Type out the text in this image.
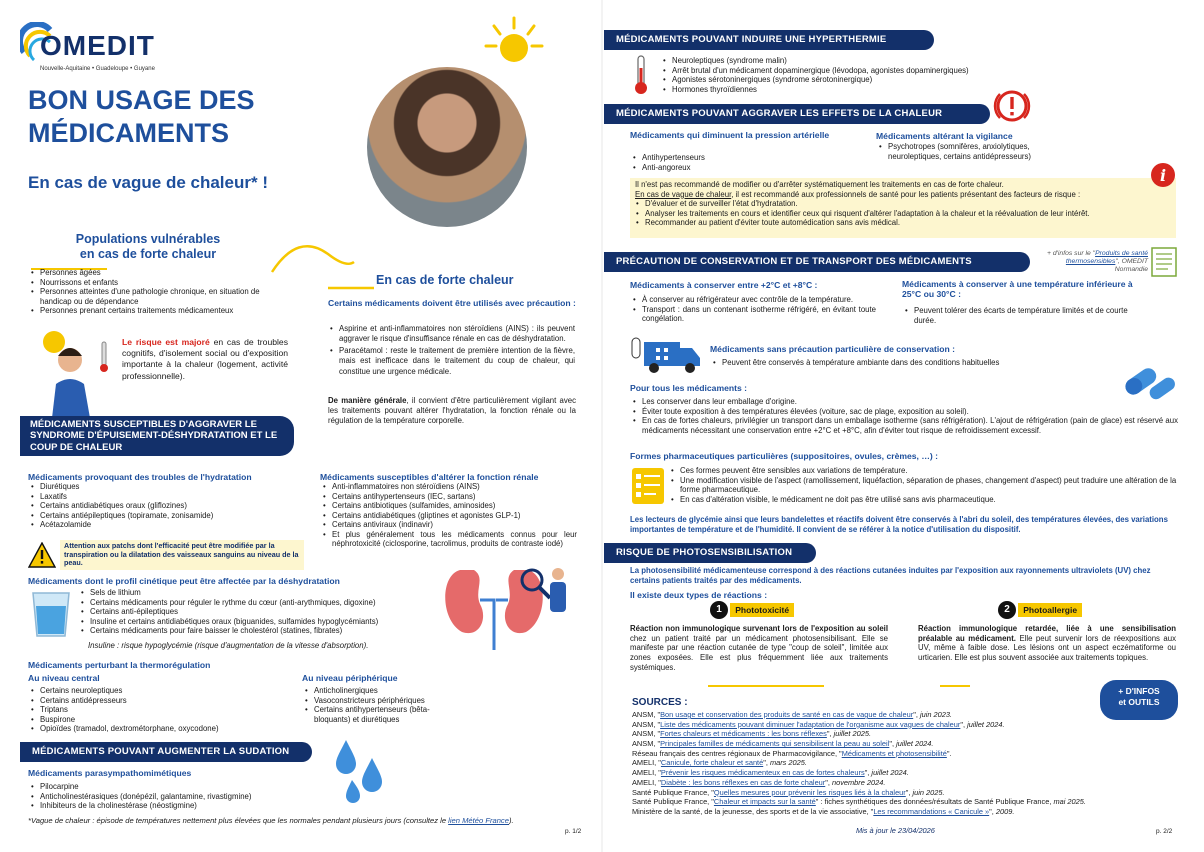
OMEDIT
Nouvelle-Aquitaine • Guadeloupe • Guyane
BON USAGE DES
MÉDICAMENTS
En cas de vague de chaleur* !
Populations vulnérables
en cas de forte chaleur
• Personnes âgées
• Nourrissons et enfants
• Personnes atteintes d'une pathologie chronique, en situation de handicap ou de dépendance
• Personnes prenant certains traitements médicamenteux
Le risque est majoré en cas de troubles cognitifs, d'isolement social ou d'exposition importante à la chaleur (logement, activité professionnelle).
En cas de forte chaleur
Certains médicaments doivent être utilisés avec précaution :
• Aspirine et anti-inflammatoires non stéroïdiens (AINS) : ils peuvent aggraver le risque d'insuffisance rénale en cas de déshydratation.
• Paracétamol : reste le traitement de première intention de la fièvre, mais est inefficace dans le traitement du coup de chaleur, qui constitue une urgence médicale.
De manière générale, il convient d'être particulièrement vigilant avec les traitements pouvant altérer l'hydratation, la fonction rénale ou la régulation de la température corporelle.
MÉDICAMENTS SUSCEPTIBLES D'AGGRAVER LE SYNDROME D'ÉPUISEMENT-DÉSHYDRATATION ET LE COUP DE CHALEUR
Médicaments provoquant des troubles de l'hydratation
• Diurétiques
• Laxatifs
• Certains antidiabétiques oraux (gliflozines)
• Certains antiépileptiques (topiramate, zonisamide)
• Acétazolamide
Médicaments susceptibles d'altérer la fonction rénale
• Anti-inflammatoires non stéroïdiens (AINS)
• Certains antihypertenseurs (IEC, sartans)
• Certains antibiotiques (sulfamides, aminosides)
• Certains antidiabétiques (gliptines et agonistes GLP-1)
• Certains antiviraux (indinavir)
• Et plus généralement tous les médicaments connus pour leur néphrotoxicité (ciclosporine, tacrolimus, produits de contraste iodé)
Attention aux patchs dont l'efficacité peut être modifiée par la transpiration ou la dilatation des vaisseaux sanguins au niveau de la peau.
Médicaments dont le profil cinétique peut être affectée par la déshydratation
• Sels de lithium
• Certains médicaments pour réguler le rythme du cœur (anti-arythmiques, digoxine)
• Certains anti-épileptiques
• Insuline et certains antidiabétiques oraux (biguanides, sulfamides hypoglycémiants)
• Certains médicaments pour faire baisser le cholestérol (statines, fibrates)
Insuline : risque hypoglycémie (risque d'augmentation de la vitesse d'absorption).
Médicaments perturbant la thermorégulation
Au niveau central
• Certains neuroleptiques
• Certains antidépresseurs
• Triptans
• Buspirone
• Opioïdes (tramadol, dextrométorphane, oxycodone)
Au niveau périphérique
• Anticholinergiques
• Vasoconstricteurs périphériques
• Certains antihypertenseurs (bêta-bloquants) et diurétiques
MÉDICAMENTS POUVANT AUGMENTER LA SUDATION
Médicaments parasympathomimétiques
• Pilocarpine
• Anticholinestérasiques (donépézil, galantamine, rivastigmine)
• Inhibiteurs de la cholinestérase (néostigmine)
*Vague de chaleur : épisode de températures nettement plus élevées que les normales pendant plusieurs jours (consultez le lien Météo France).
p. 1/2
MÉDICAMENTS POUVANT INDUIRE UNE HYPERTHERMIE
• Neuroleptiques (syndrome malin)
• Arrêt brutal d'un médicament dopaminergique (lévodopa, agonistes dopaminergiques)
• Agonistes sérotoninergiques (syndrome sérotoninergique)
• Hormones thyroïdiennes
MÉDICAMENTS POUVANT AGGRAVER LES EFFETS DE LA CHALEUR
Médicaments qui diminuent la pression artérielle
• Antihypertenseurs
• Anti-angoreux
Médicaments altérant la vigilance
• Psychotropes (somnifères, anxiolytiques, neuroleptiques, certains antidépresseurs)
Il n'est pas recommandé de modifier ou d'arrêter systématiquement les traitements en cas de forte chaleur.
En cas de vague de chaleur, il est recommandé aux professionnels de santé pour les patients présentant des facteurs de risque :
• D'évaluer et de surveiller l'état d'hydratation.
• Analyser les traitements en cours et identifier ceux qui risquent d'altérer l'adaptation à la chaleur et la réévaluation de leur intérêt.
• Recommander au patient d'éviter toute automédication sans avis médical.
i
PRÉCAUTION DE CONSERVATION ET DE TRANSPORT DES MÉDICAMENTS
+ d'infos sur le "Produits de santé thermosensibles", OMEDIT Normandie
Médicaments à conserver entre +2°C et +8°C :
• À conserver au réfrigérateur avec contrôle de la température.
• Transport : dans un contenant isotherme réfrigéré, en évitant toute congélation.
Médicaments à conserver à une température inférieure à 25°C ou 30°C :
• Peuvent tolérer des écarts de température limités et de courte durée.
Médicaments sans précaution particulière de conservation :
• Peuvent être conservés à température ambiante dans des conditions habituelles
Pour tous les médicaments :
• Les conserver dans leur emballage d'origine.
• Éviter toute exposition à des températures élevées (voiture, sac de plage, exposition au soleil).
• En cas de fortes chaleurs, privilégier un transport dans un emballage isotherme (sans réfrigération). L'ajout de réfrigération (pain de glace) est réservé aux médicaments nécessitant une conservation entre +2°C et +8°C, afin d'éviter tout risque de refroidissement excessif.
Formes pharmaceutiques particulières (suppositoires, ovules, crèmes, …) :
• Ces formes peuvent être sensibles aux variations de température.
• Une modification visible de l'aspect (ramollissement, liquéfaction, séparation de phases, changement d'aspect) peut traduire une altération de la forme pharmaceutique.
• En cas d'altération visible, le médicament ne doit pas être utilisé sans avis pharmaceutique.
Les lecteurs de glycémie ainsi que leurs bandelettes et réactifs doivent être conservés à l'abri du soleil, des températures élevées, des variations importantes de température et de l'humidité. Il convient de se référer à la notice d'utilisation du dispositif.
RISQUE DE PHOTOSENSIBILISATION
La photosensibilité médicamenteuse correspond à des réactions cutanées induites par l'exposition aux rayonnements ultraviolets (UV) chez certains patients traités par des médicaments.
Il existe deux types de réactions :
1 Phototoxicité
Réaction non immunologique survenant lors de l'exposition au soleil chez un patient traité par un médicament photosensibilisant. Elle se manifeste par une réaction cutanée de type "coup de soleil", limitée aux zones exposées. Elle est plus fréquemment liée aux traitements systémiques.
2 Photoallergie
Réaction immunologique retardée, liée à une sensibilisation préalable au médicament. Elle peut survenir lors de réexpositions aux UV, même à faible dose. Les lésions ont un aspect eczématiforme ou urticarien. Elle est plus souvent associée aux traitements topiques.
+ D'INFOS
et OUTILS
SOURCES :
ANSM, "Bon usage et conservation des produits de santé en cas de vague de chaleur", juin 2023.
ANSM, "Liste des médicaments pouvant diminuer l'adaptation de l'organisme aux vagues de chaleur", juillet 2024.
ANSM, "Fortes chaleurs et médicaments : les bons réflexes", juillet 2025.
ANSM, "Principales familles de médicaments qui sensibilisent la peau au soleil", juillet 2024.
Réseau français des centres régionaux de Pharmacovigilance, "Médicaments et photosensibilité".
AMELI, "Canicule, forte chaleur et santé", mars 2025.
AMELI, "Prévenir les risques médicamenteux en cas de fortes chaleurs", juillet 2024.
AMELI, "Diabète : les bons réflexes en cas de forte chaleur", novembre 2024.
Santé Publique France, "Quelles mesures pour prévenir les risques liés à la chaleur", juin 2025.
Santé Publique France, "Chaleur et impacts sur la santé" : fiches synthétiques des données/résultats de Santé Publique France, mai 2025.
Ministère de la santé, de la jeunesse, des sports et de la vie associative, "Les recommandations « Canicule »", 2009.
Mis à jour le 23/04/2026	p. 2/2
